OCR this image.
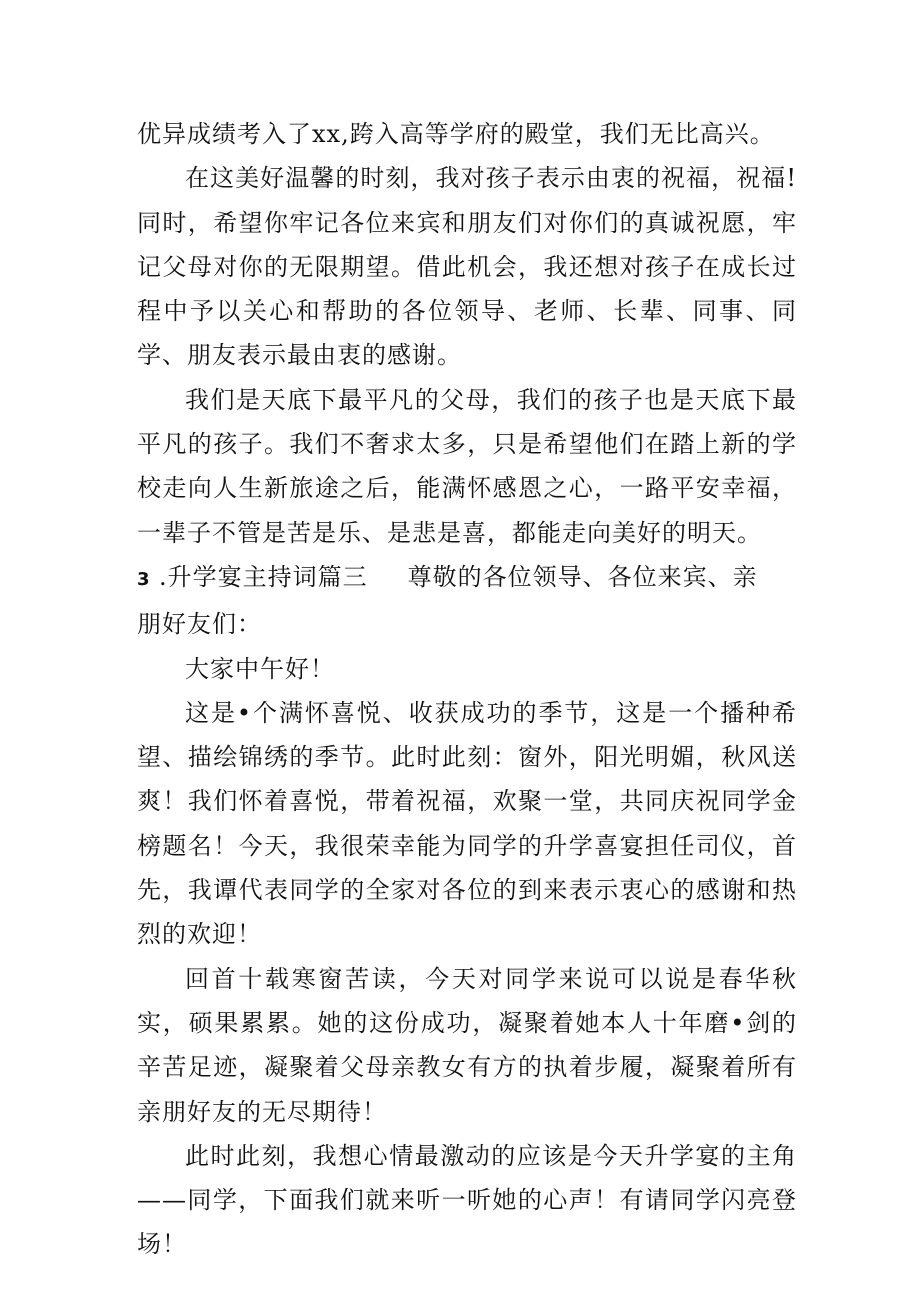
优异成绩考入了xx,跨入高等学府的殿堂，我们无比高兴。

在这美好温馨的时刻，我对孩子表示由衷的祝福，祝福!同时，希望你牢记各位来宾和朋友们对你们的真诚祝愿，牢记父母对你的无限期望。借此机会，我还想对孩子在成长过程中予以关心和帮助的各位领导、老师、长辈、同事、同学、朋友表示最由衷的感谢。

我们是天底下最平凡的父母，我们的孩子也是天底下最平凡的孩子。我们不奢求太多，只是希望他们在踏上新的学校走向人生新旅途之后，能满怀感恩之心，一路平安幸福，一辈子不管是苦是乐、是悲是喜，都能走向美好的明天。

3 .升学宴主持词篇三 尊敬的各位领导、各位来宾、亲

朋好友们：

大家中午好！

这是•个满怀喜悦、收获成功的季节，这是一个播种希望、描绘锦绣的季节。此时此刻：窗外，阳光明媚，秋风送爽！我们怀着喜悦，带着祝福，欢聚一堂，共同庆祝同学金榜题名！今天，我很荣幸能为同学的升学喜宴担任司仪，首先，我谭代表同学的全家对各位的到来表示衷心的感谢和热烈的欢迎！

回首十载寒窗苦读，今天对同学来说可以说是春华秋实，硕果累累。她的这份成功，凝聚着她本人十年磨•剑的辛苦足迹，凝聚着父母亲教女有方的执着步履，凝聚着所有亲朋好友的无尽期待！

此时此刻，我想心情最激动的应该是今天升学宴的主角——同学，下面我们就来听一听她的心声！有请同学闪亮登场！
